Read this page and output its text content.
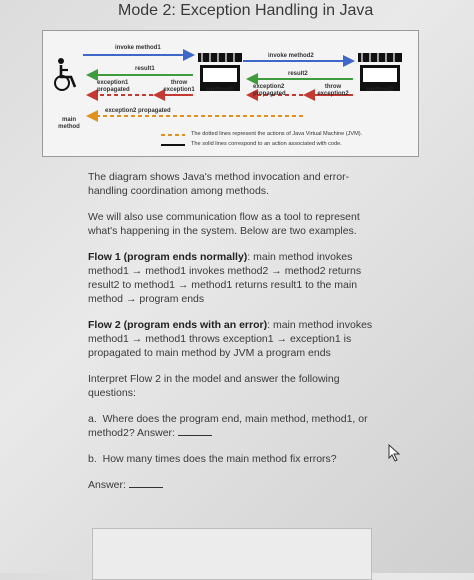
Mode 2: Exception Handling in Java
invoke method1
result1
exception1 propagated
throw exception1
exception2 propagated
main method
method1
invoke method2
result2
exception2 propagated
throw exception2
method2
The dotted lines represent the actions of Java Virtual Machine (JVM).
The solid lines correspond to an action associated with code.

The diagram shows Java's method invocation and error-handling coordination among methods.

We will also use communication flow as a tool to represent what's happening in the system. Below are two examples.

Flow 1 (program ends normally): main method invokes method1 → method1 invokes method2 → method2 returns result2 to method1 → method1 returns result1 to the main method → program ends

Flow 2 (program ends with an error): main method invokes method1 → method1 throws exception1 → exception1 is propagated to main method by JVM a program ends

Interpret Flow 2 in the model and answer the following questions:

a. Where does the program end, main method, method1, or method2? Answer:

b. How many times does the main method fix errors?

Answer:
